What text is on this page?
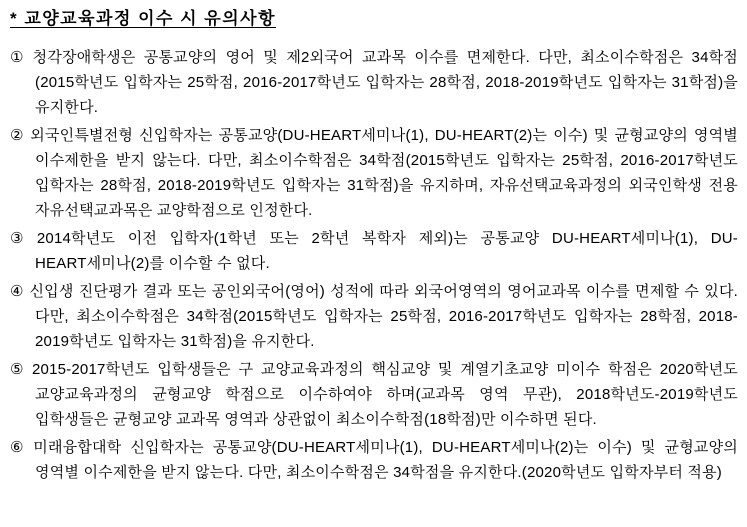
* 교양교육과정 이수 시 유의사항

① 청각장애학생은 공통교양의 영어 및 제2외국어 교과목 이수를 면제한다. 다만, 최소이수학점은 34학점 (2015학년도 입학자는 25학점, 2016-2017학년도 입학자는 28학점, 2018-2019학년도 입학자는 31학점)을 유지한다.

② 외국인특별전형 신입학자는 공통교양(DU-HEART세미나(1), DU-HEART(2)는 이수) 및 균형교양의 영역별 이수제한을 받지 않는다. 다만, 최소이수학점은 34학점(2015학년도 입학자는 25학점, 2016-2017학년도 입학자는 28학점, 2018-2019학년도 입학자는 31학점)을 유지하며, 자유선택교육과정의 외국인학생 전용 자유선택교과목은 교양학점으로 인정한다.

③ 2014학년도 이전 입학자(1학년 또는 2학년 복학자 제외)는 공통교양 DU-HEART세미나(1), DU-HEART세미나(2)를 이수할 수 없다.

④ 신입생 진단평가 결과 또는 공인외국어(영어) 성적에 따라 외국어영역의 영어교과목 이수를 면제할 수 있다. 다만, 최소이수학점은 34학점(2015학년도 입학자는 25학점, 2016-2017학년도 입학자는 28학점, 2018-2019학년도 입학자는 31학점)을 유지한다.

⑤ 2015-2017학년도 입학생들은 구 교양교육과정의 핵심교양 및 계열기초교양 미이수 학점은 2020학년도 교양교육과정의 균형교양 학점으로 이수하여야 하며(교과목 영역 무관), 2018학년도-2019학년도 입학생들은 균형교양 교과목 영역과 상관없이 최소이수학점(18학점)만 이수하면 된다.

⑥ 미래융합대학 신입학자는 공통교양(DU-HEART세미나(1), DU-HEART세미나(2)는 이수) 및 균형교양의 영역별 이수제한을 받지 않는다. 다만, 최소이수학점은 34학점을 유지한다.(2020학년도 입학자부터 적용)
